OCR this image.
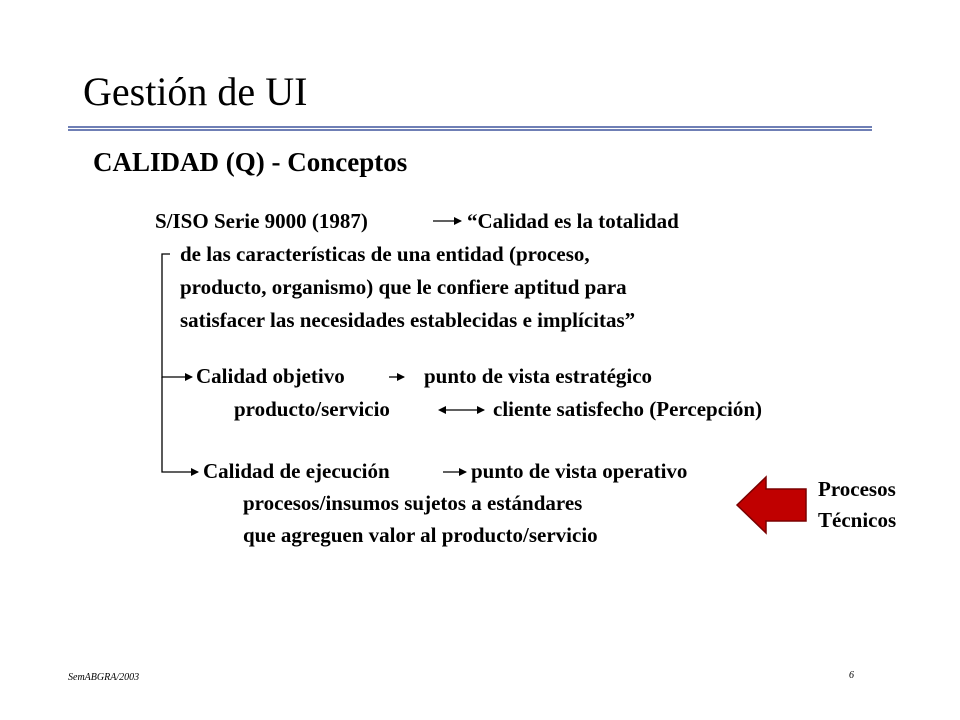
Gestión de UI
CALIDAD (Q) - Conceptos
S/ISO Serie 9000 (1987)	“Calidad es la totalidad
de las características de una entidad (proceso,
producto, organismo) que le confiere aptitud para
satisfacer las necesidades establecidas e implícitas”
Calidad objetivo	punto de vista estratégico
producto/servicio	cliente satisfecho (Percepción)
Calidad de ejecución	punto de vista operativo
procesos/insumos sujetos a estándares
que agreguen valor al producto/servicio
Procesos
Técnicos
SemABGRA/2003	6
